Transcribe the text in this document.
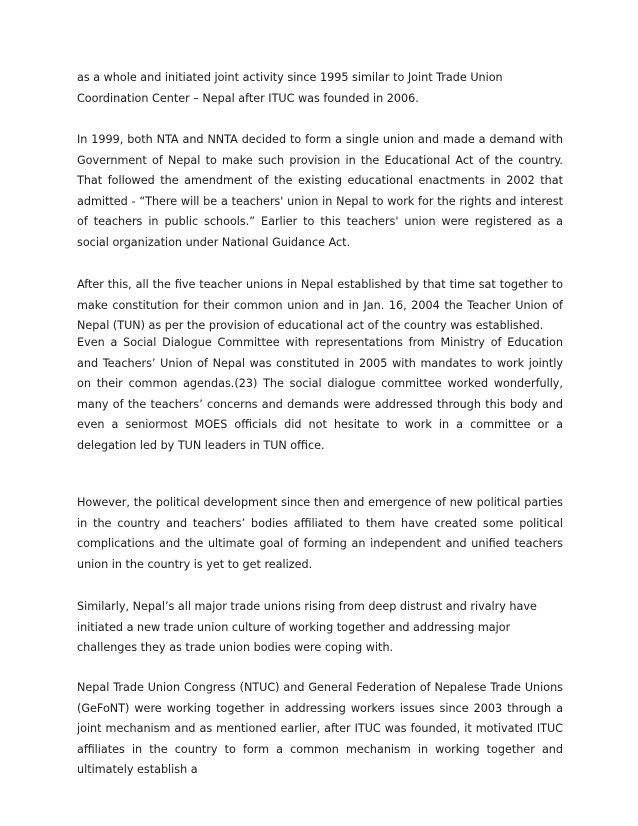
as a whole and initiated joint activity since 1995 similar to Joint Trade Union Coordination Center – Nepal after ITUC was founded in 2006.

In 1999, both NTA and NNTA decided to form a single union and made a demand with Government of Nepal to make such provision in the Educational Act of the country. That followed the amendment of the existing educational enactments in 2002 that admitted - “There will be a teachers' union in Nepal to work for the rights and interest of teachers in public schools.” Earlier to this teachers' union were registered as a social organization under National Guidance Act.

After this, all the five teacher unions in Nepal established by that time sat together to make constitution for their common union and in Jan. 16, 2004 the Teacher Union of Nepal (TUN) as per the provision of educational act of the country was established.

Even a Social Dialogue Committee with representations from Ministry of Education and Teachers’ Union of Nepal was constituted in 2005 with mandates to work jointly on their common agendas.(23) The social dialogue committee worked wonderfully, many of the teachers’ concerns and demands were addressed through this body and even a seniormost MOES officials did not hesitate to work in a committee or a delegation led by TUN leaders in TUN office.

However, the political development since then and emergence of new political parties in the country and teachers’ bodies affiliated to them have created some political complications and the ultimate goal of forming an independent and unified teachers union in the country is yet to get realized.

Similarly, Nepal’s all major trade unions rising from deep distrust and rivalry have initiated a new trade union culture of working together and addressing major challenges they as trade union bodies were coping with.

Nepal Trade Union Congress (NTUC) and General Federation of Nepalese Trade Unions (GeFoNT) were working together in addressing workers issues since 2003 through a joint mechanism and as mentioned earlier, after ITUC was founded, it motivated ITUC affiliates in the country to form a common mechanism in working together and ultimately establish a
